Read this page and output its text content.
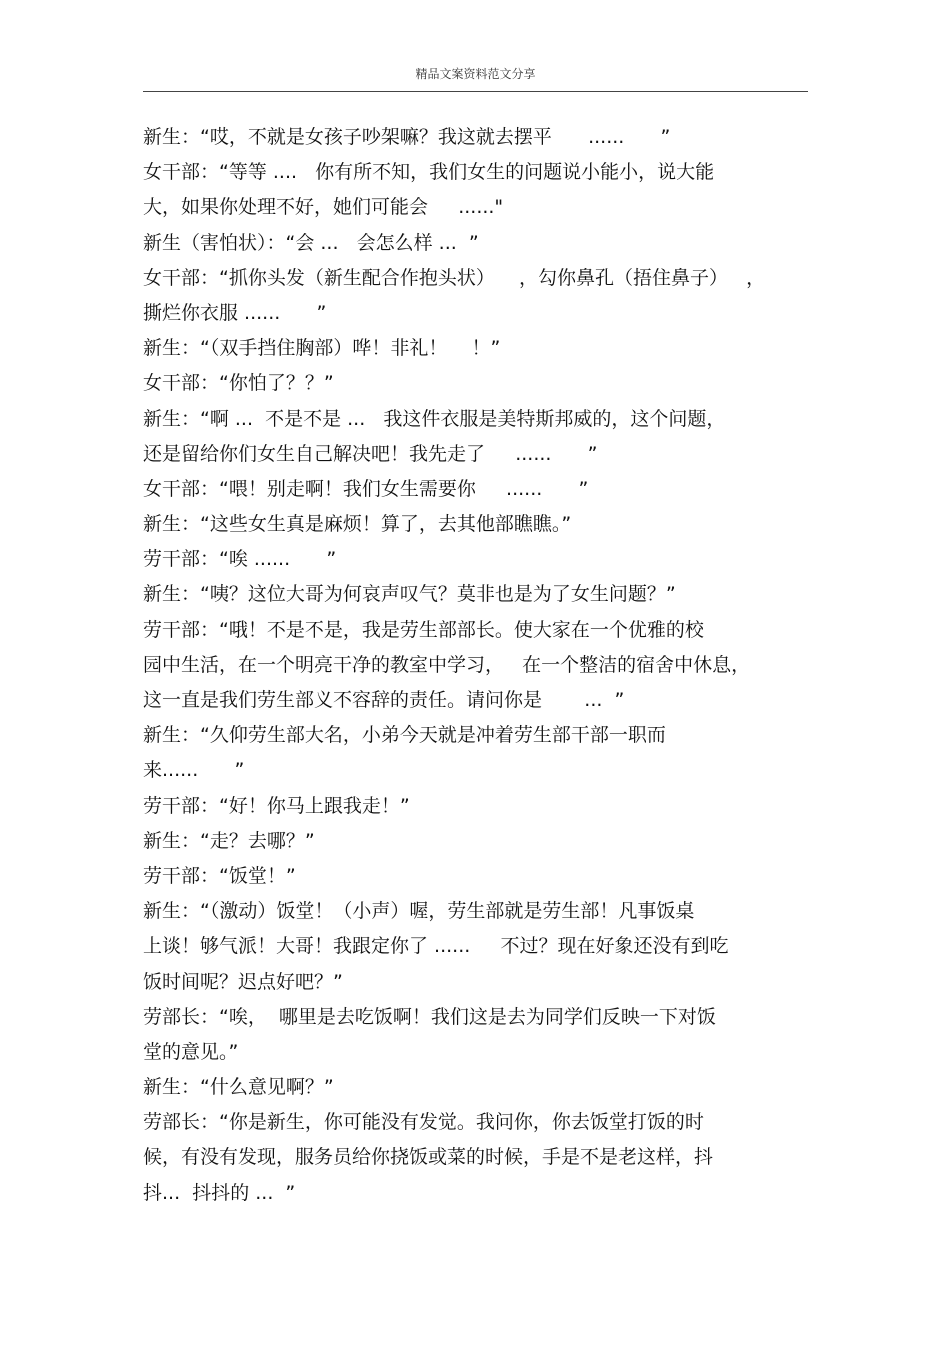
精品文案资料范文分享
新生：“哎，不就是女孩子吵架嘛？我这就去摆平      ......      ”
女干部：“等等 ....   你有所不知，我们女生的问题说小能小，说大能
大，如果你处理不好，她们可能会     ......"
新生（害怕状）：“会 ...   会怎么样 ...  ”
女干部：“抓你头发（新生配合作抱头状）    ，勾你鼻孔（捂住鼻子）   ，
撕烂你衣服 ......      ”
新生：“（双手挡住胸部）哗！非礼！    ！”
女干部：“你怕了？？”
新生：“啊 ...  不是不是 ...   我这件衣服是美特斯邦威的，这个问题，
还是留给你们女生自己解决吧！我先走了     ......      ”
女干部：“喂！别走啊！我们女生需要你     ......      ”
新生：“这些女生真是麻烦！算了，去其他部瞧瞧。”
劳干部：“唉 ......      ”
新生：“咦？这位大哥为何哀声叹气？莫非也是为了女生问题？”
劳干部：“哦！不是不是，我是劳生部部长。使大家在一个优雅的校
园中生活，在一个明亮干净的教室中学习，   在一个整洁的宿舍中休息，
这一直是我们劳生部义不容辞的责任。请问你是       ...  ”
新生：“久仰劳生部大名，小弟今天就是冲着劳生部干部一职而
来......      ”
劳干部：“好！你马上跟我走！”
新生：“走？去哪？”
劳干部：“饭堂！”
新生：“（激动）饭堂！（小声）喔，劳生部就是劳生部！凡事饭桌
上谈！够气派！大哥！我跟定你了 ......     不过？现在好象还没有到吃
饭时间呢？迟点好吧？”
劳部长：“唉，  哪里是去吃饭啊！我们这是去为同学们反映一下对饭
堂的意见。”
新生：“什么意见啊？”
劳部长：“你是新生，你可能没有发觉。我问你，你去饭堂打饭的时
候，有没有发现，服务员给你挠饭或菜的时候，手是不是老这样，抖
抖...  抖抖的 ...  ”
